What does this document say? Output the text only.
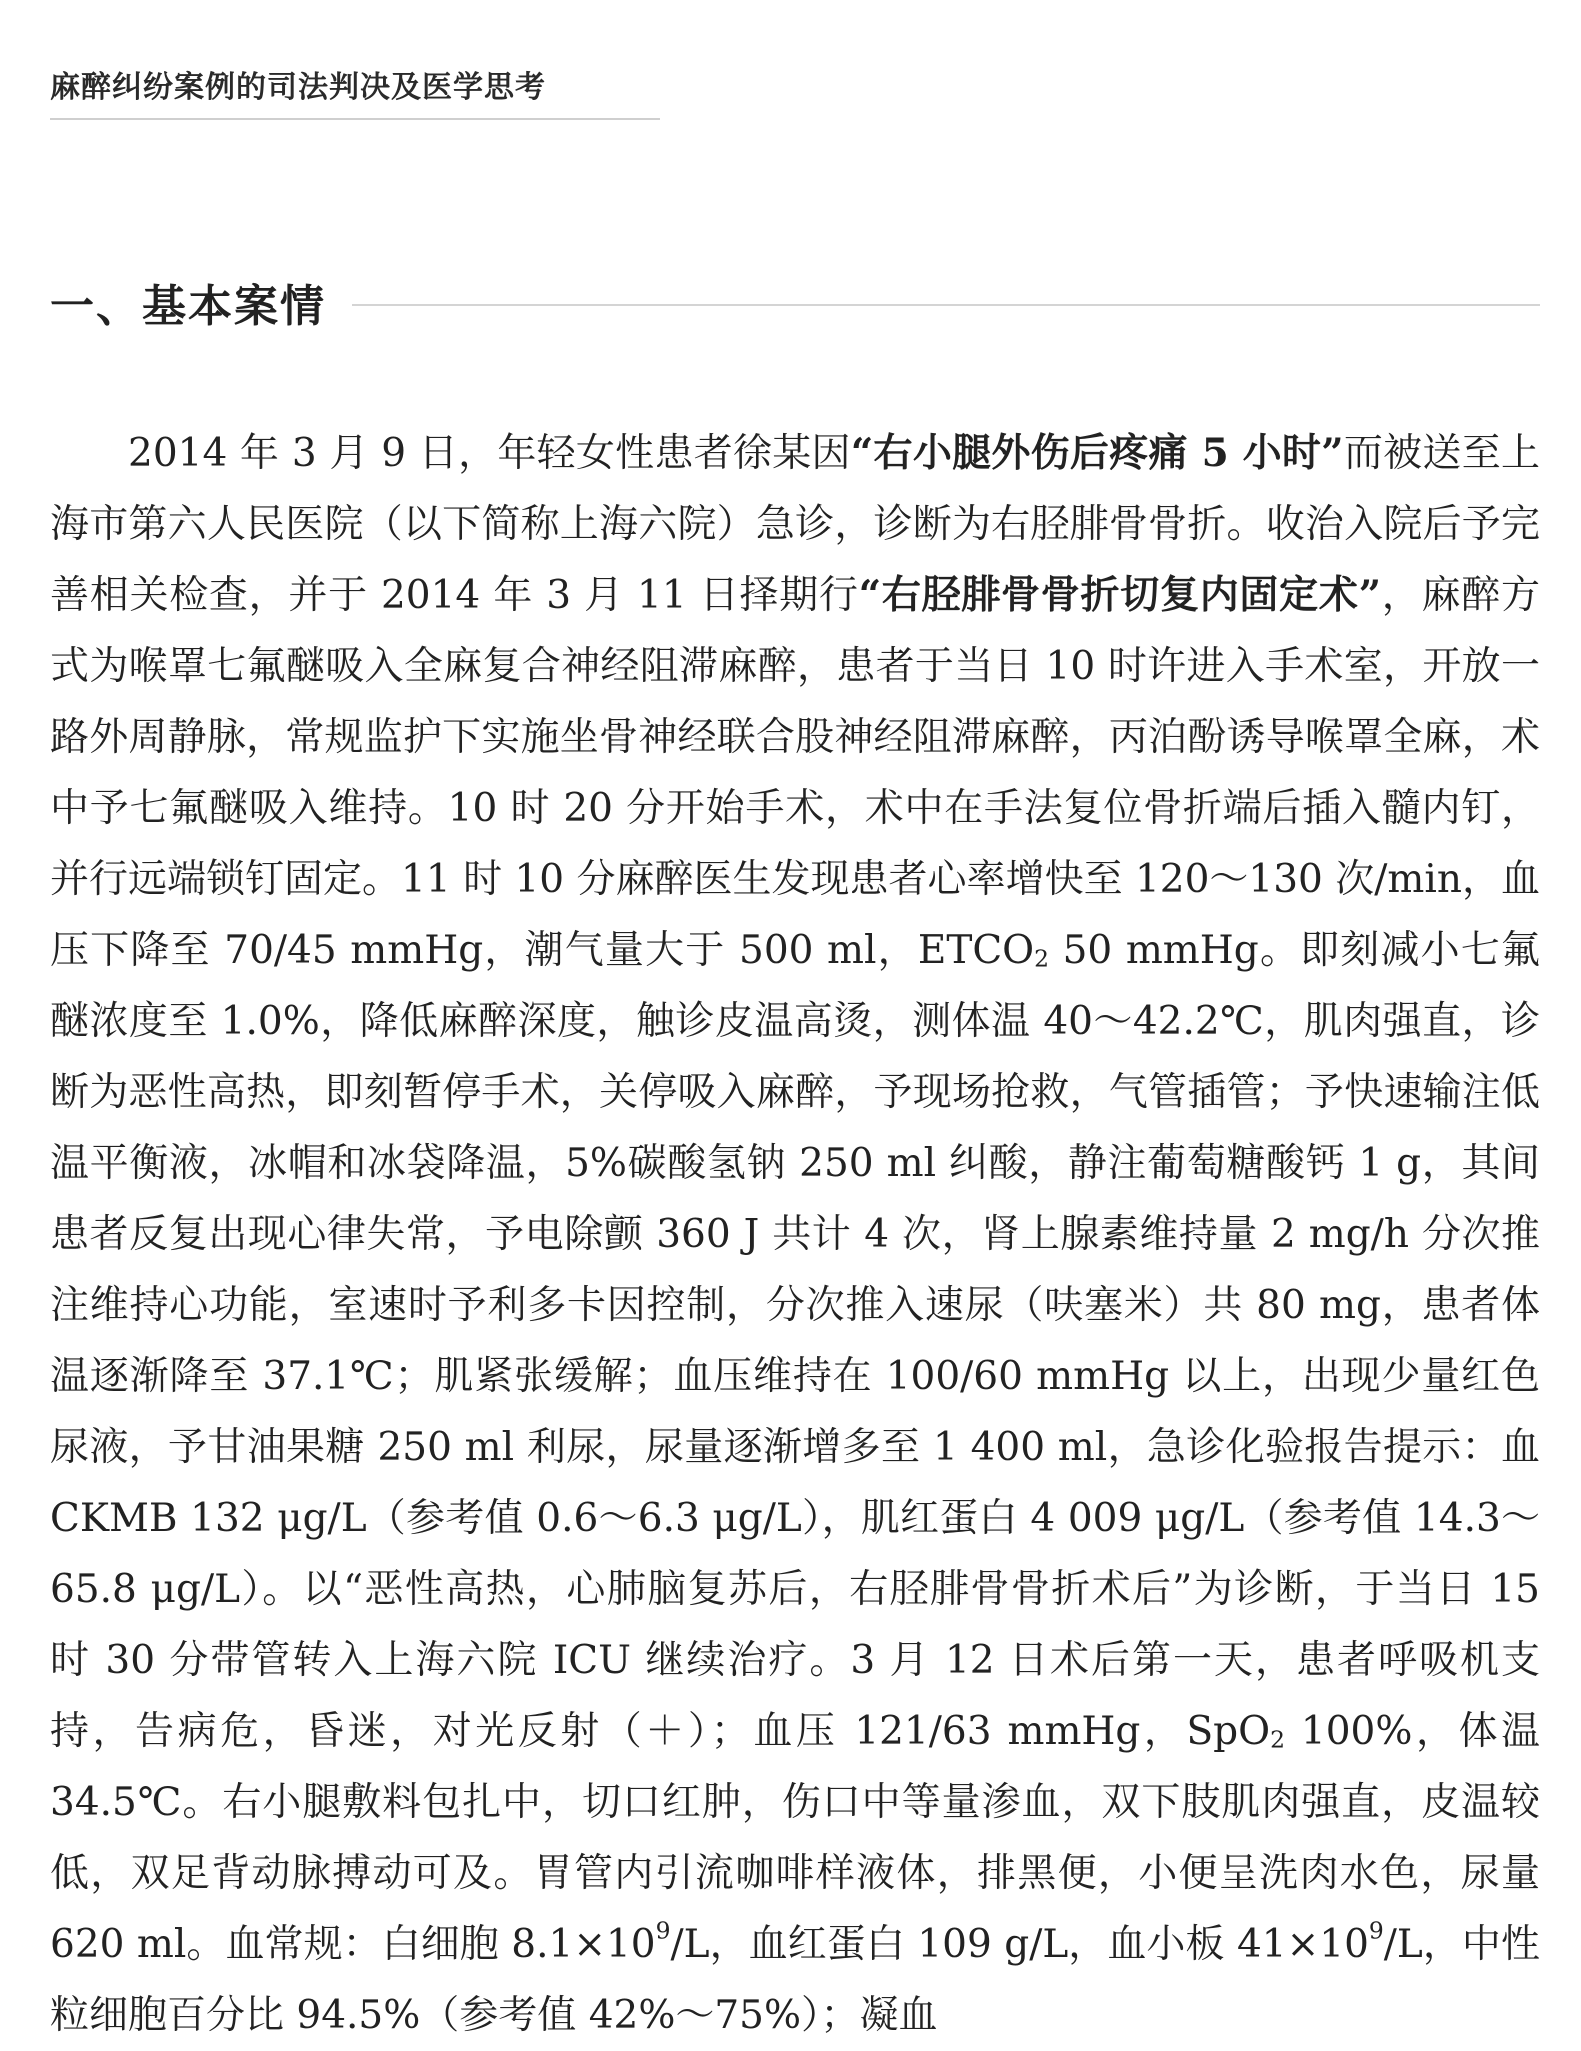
麻醉纠纷案例的司法判决及医学思考
一、基本案情

2014 年 3 月 9 日，年轻女性患者徐某因“右小腿外伤后疼痛 5 小时”而被送至上海市第六人民医院（以下简称上海六院）急诊，诊断为右胫腓骨骨折。收治入院后予完善相关检查，并于 2014 年 3 月 11 日择期行“右胫腓骨骨折切复内固定术”，麻醉方式为喉罩七氟醚吸入全麻复合神经阻滞麻醉，患者于当日 10 时许进入手术室，开放一路外周静脉，常规监护下实施坐骨神经联合股神经阻滞麻醉，丙泊酚诱导喉罩全麻，术中予七氟醚吸入维持。10 时 20 分开始手术，术中在手法复位骨折端后插入髓内钉，并行远端锁钉固定。11 时 10 分麻醉医生发现患者心率增快至 120～130 次/min，血压下降至 70/45 mmHg，潮气量大于 500 ml，$ETCO_2$ 50 mmHg。即刻减小七氟醚浓度至 1.0%，降低麻醉深度，触诊皮温高烫，测体温 40～42.2℃，肌肉强直，诊断为恶性高热，即刻暂停手术，关停吸入麻醉，予现场抢救，气管插管；予快速输注低温平衡液，冰帽和冰袋降温，5%碳酸氢钠 250 ml 纠酸，静注葡萄糖酸钙 1 g，其间患者反复出现心律失常，予电除颤 360 J 共计 4 次，肾上腺素维持量 2 mg/h 分次推注维持心功能，室速时予利多卡因控制，分次推入速尿（呋塞米）共 80 mg，患者体温逐渐降至 37.1℃；肌紧张缓解；血压维持在 100/60 mmHg 以上，出现少量红色尿液，予甘油果糖 250 ml 利尿，尿量逐渐增多至 1 400 ml，急诊化验报告提示：血 CKMB 132 μg/L（参考值 0.6～6.3 μg/L），肌红蛋白 4 009 μg/L（参考值 14.3～65.8 μg/L）。以“恶性高热，心肺脑复苏后，右胫腓骨骨折术后”为诊断，于当日 15 时 30 分带管转入上海六院 ICU 继续治疗。3 月 12 日术后第一天，患者呼吸机支持，告病危，昏迷，对光反射（＋）；血压 121/63 mmHg，SpO$_2$ 100%，体温 34.5℃。右小腿敷料包扎中，切口红肿，伤口中等量渗血，双下肢肌肉强直，皮温较低，双足背动脉搏动可及。胃管内引流咖啡样液体，排黑便，小便呈洗肉水色，尿量 620 ml。血常规：白细胞 $8.1\times 10^9/L$，血红蛋白 109 g/L，血小板 $41\times 10^9/L$，中性粒细胞百分比 94.5%（参考值 42%～75%）；凝血
